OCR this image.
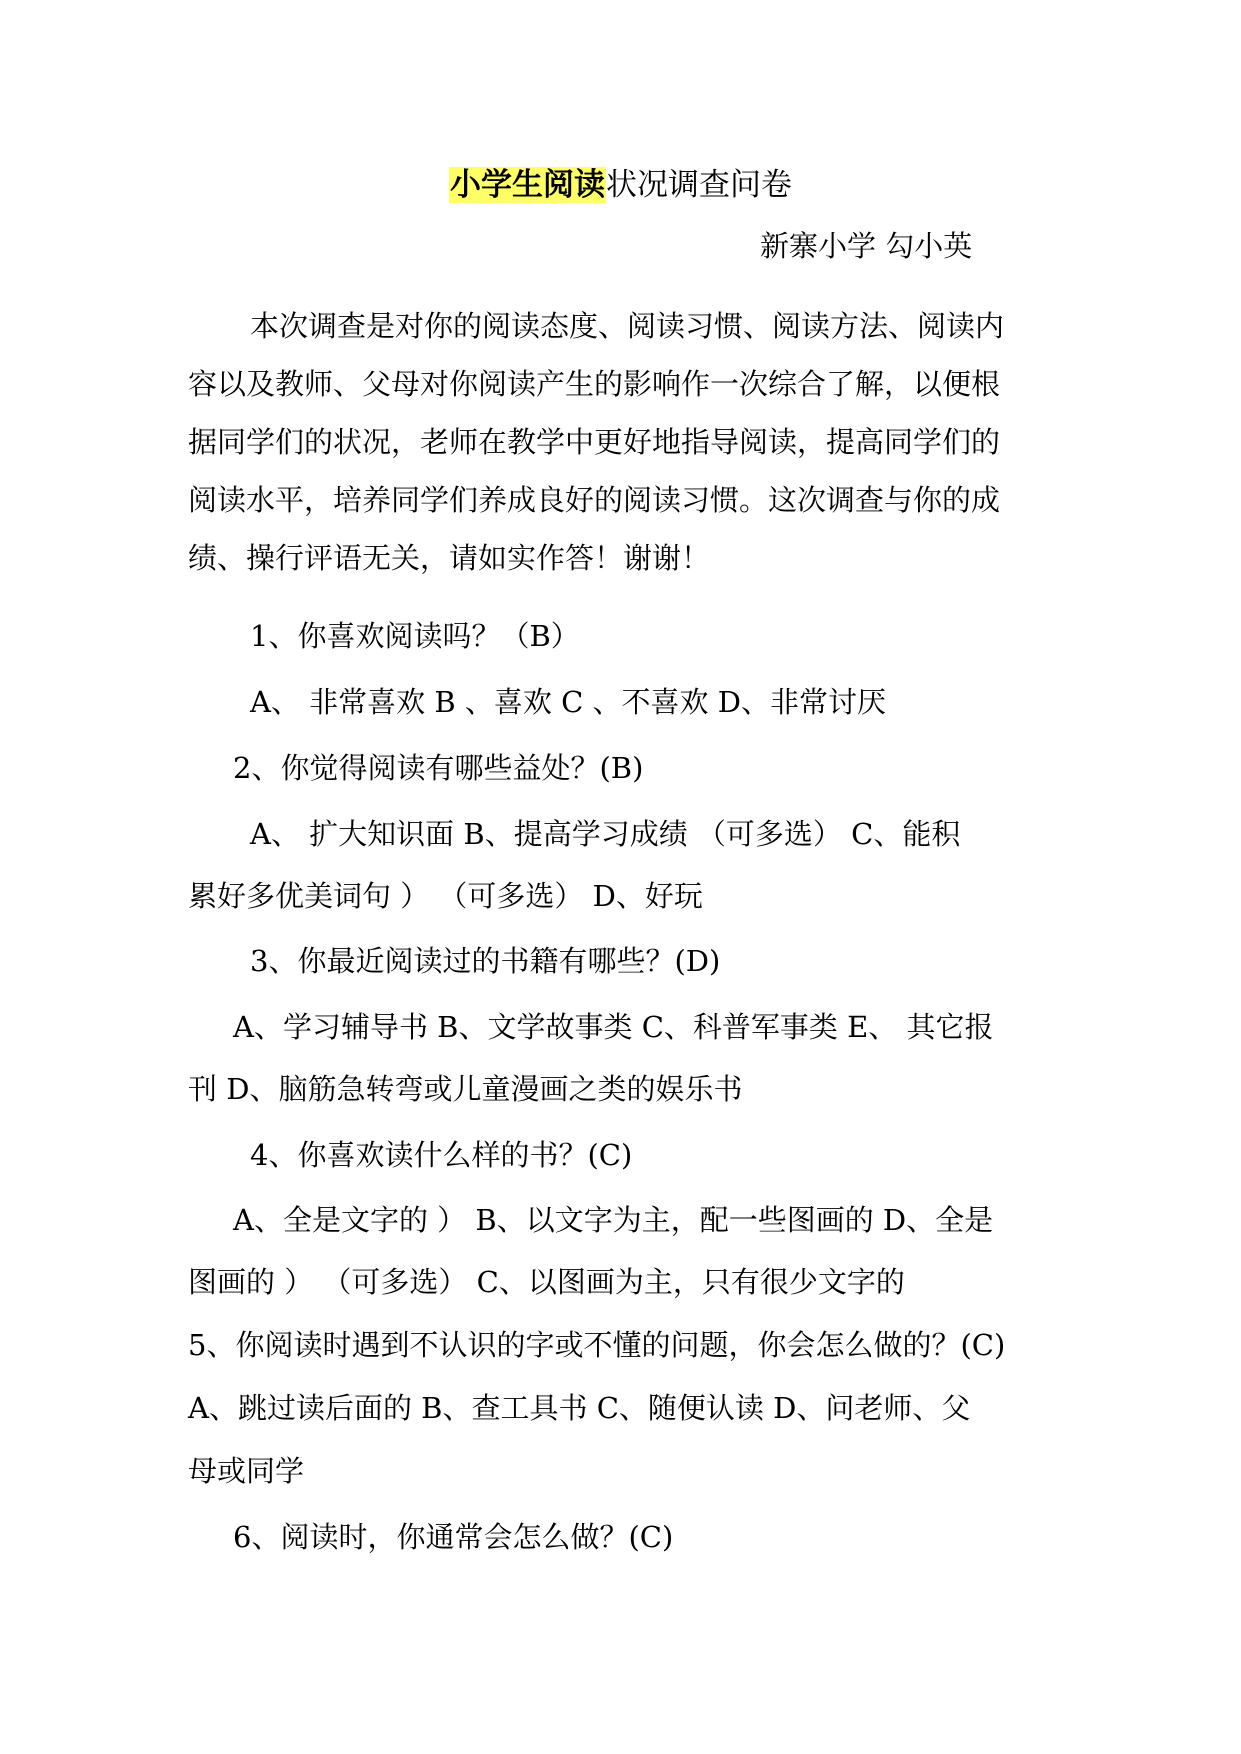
小学生阅读状况调查问卷
新寨小学 勾小英
本次调查是对你的阅读态度、阅读习惯、阅读方法、阅读内
容以及教师、父母对你阅读产生的影响作一次综合了解，以便根
据同学们的状况，老师在教学中更好地指导阅读，提高同学们的
阅读水平，培养同学们养成良好的阅读习惯。这次调查与你的成
绩、操行评语无关，请如实作答！谢谢！
1、你喜欢阅读吗？（B）
A、 非常喜欢 B 、喜欢 C 、不喜欢 D、非常讨厌
2、你觉得阅读有哪些益处？(B)
A、 扩大知识面 B、提高学习成绩 （可多选） C、能积
累好多优美词句 ） （可多选） D、好玩
3、你最近阅读过的书籍有哪些？(D)
A、学习辅导书 B、文学故事类 C、科普军事类 E、 其它报
刊 D、脑筋急转弯或儿童漫画之类的娱乐书
4、你喜欢读什么样的书？(C)
A、全是文字的 ） B、以文字为主，配一些图画的 D、全是
图画的 ） （可多选） C、以图画为主，只有很少文字的
5、你阅读时遇到不认识的字或不懂的问题，你会怎么做的？(C)
A、跳过读后面的 B、查工具书 C、随便认读 D、问老师、父
母或同学
6、阅读时，你通常会怎么做？(C)
